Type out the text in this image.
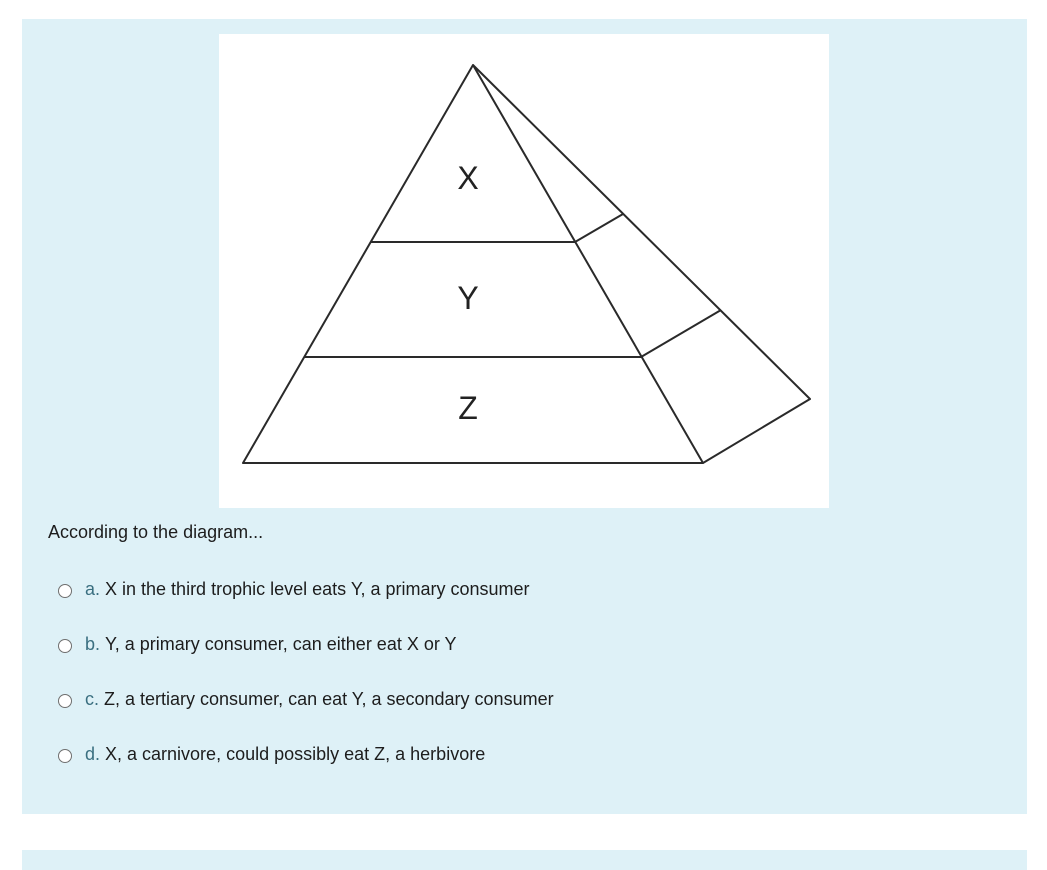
X
Y
Z
According to the diagram...
a. X in the third trophic level eats Y, a primary consumer
b. Y, a primary consumer, can either eat X or Y
c. Z, a tertiary consumer, can eat Y, a secondary consumer
d. X, a carnivore, could possibly eat Z, a herbivore
